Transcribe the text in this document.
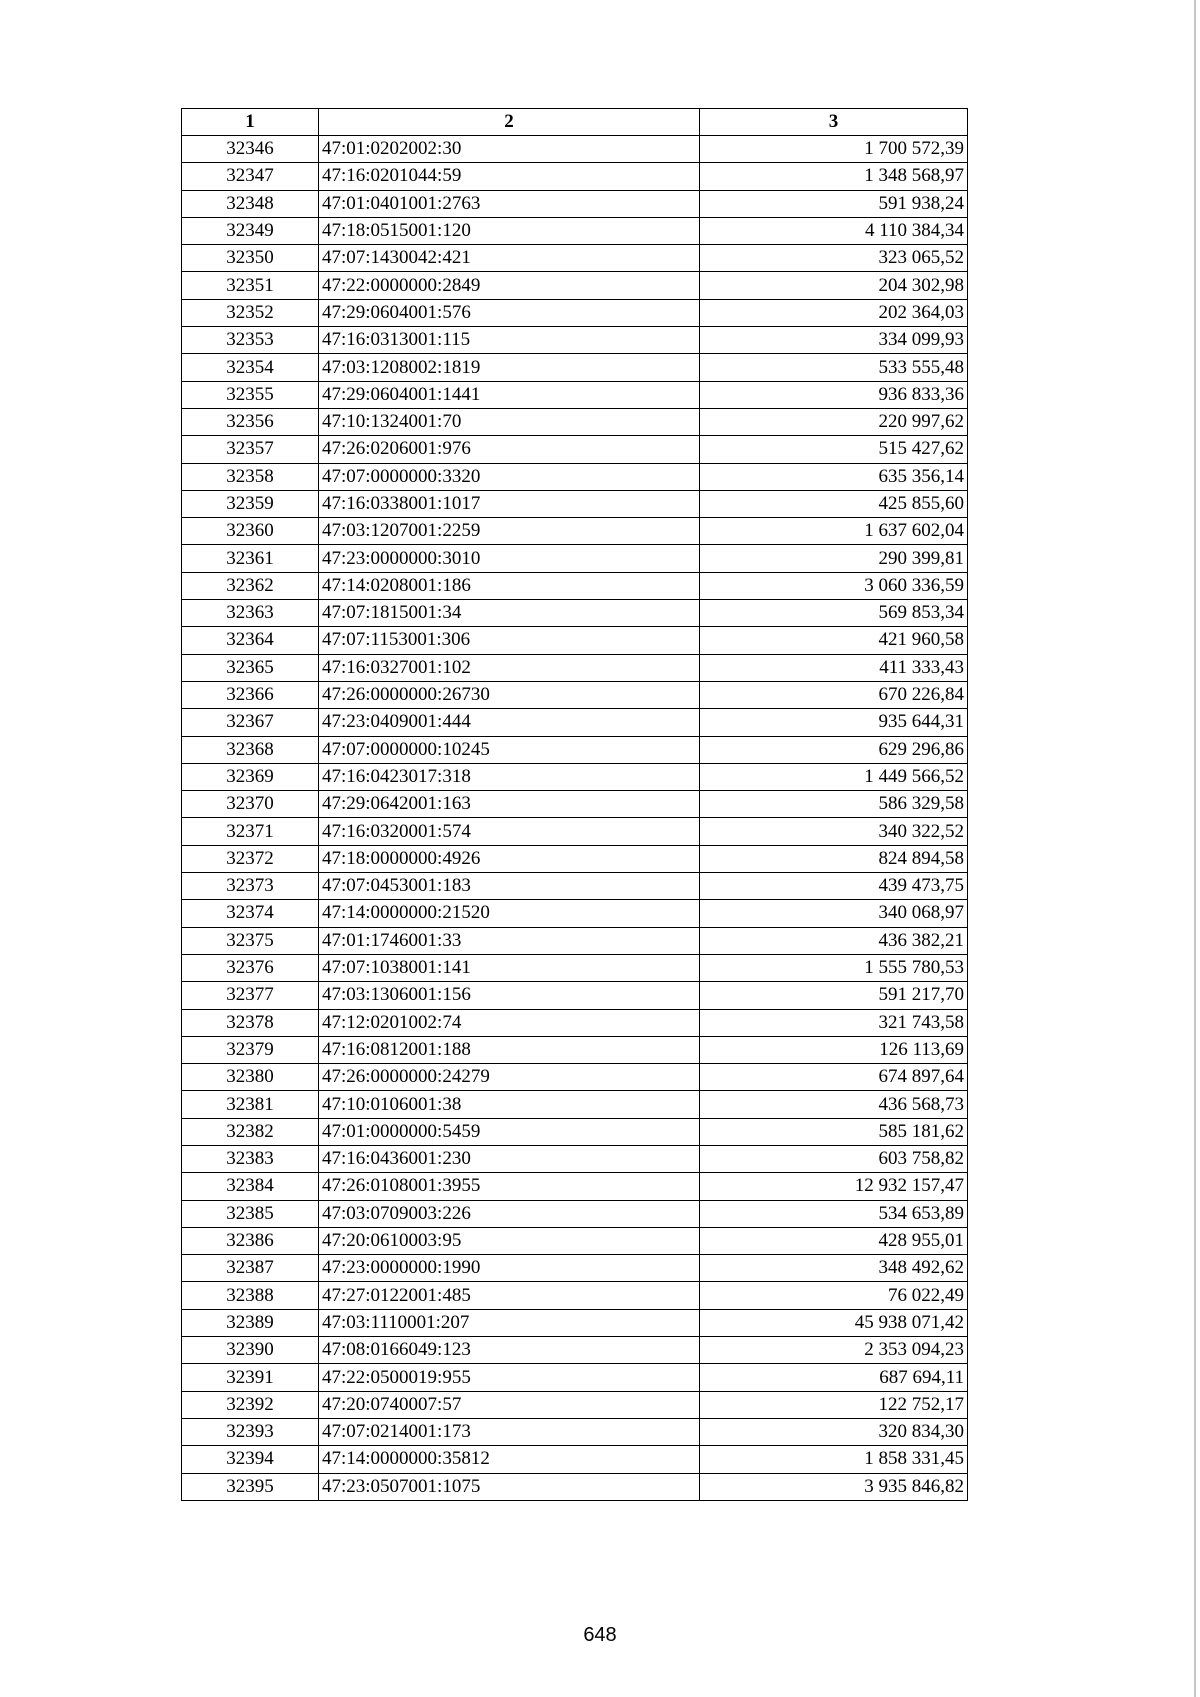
1	2	3
32346	47:01:0202002:30	1 700 572,39
32347	47:16:0201044:59	1 348 568,97
32348	47:01:0401001:2763	591 938,24
32349	47:18:0515001:120	4 110 384,34
32350	47:07:1430042:421	323 065,52
32351	47:22:0000000:2849	204 302,98
32352	47:29:0604001:576	202 364,03
32353	47:16:0313001:115	334 099,93
32354	47:03:1208002:1819	533 555,48
32355	47:29:0604001:1441	936 833,36
32356	47:10:1324001:70	220 997,62
32357	47:26:0206001:976	515 427,62
32358	47:07:0000000:3320	635 356,14
32359	47:16:0338001:1017	425 855,60
32360	47:03:1207001:2259	1 637 602,04
32361	47:23:0000000:3010	290 399,81
32362	47:14:0208001:186	3 060 336,59
32363	47:07:1815001:34	569 853,34
32364	47:07:1153001:306	421 960,58
32365	47:16:0327001:102	411 333,43
32366	47:26:0000000:26730	670 226,84
32367	47:23:0409001:444	935 644,31
32368	47:07:0000000:10245	629 296,86
32369	47:16:0423017:318	1 449 566,52
32370	47:29:0642001:163	586 329,58
32371	47:16:0320001:574	340 322,52
32372	47:18:0000000:4926	824 894,58
32373	47:07:0453001:183	439 473,75
32374	47:14:0000000:21520	340 068,97
32375	47:01:1746001:33	436 382,21
32376	47:07:1038001:141	1 555 780,53
32377	47:03:1306001:156	591 217,70
32378	47:12:0201002:74	321 743,58
32379	47:16:0812001:188	126 113,69
32380	47:26:0000000:24279	674 897,64
32381	47:10:0106001:38	436 568,73
32382	47:01:0000000:5459	585 181,62
32383	47:16:0436001:230	603 758,82
32384	47:26:0108001:3955	12 932 157,47
32385	47:03:0709003:226	534 653,89
32386	47:20:0610003:95	428 955,01
32387	47:23:0000000:1990	348 492,62
32388	47:27:0122001:485	76 022,49
32389	47:03:1110001:207	45 938 071,42
32390	47:08:0166049:123	2 353 094,23
32391	47:22:0500019:955	687 694,11
32392	47:20:0740007:57	122 752,17
32393	47:07:0214001:173	320 834,30
32394	47:14:0000000:35812	1 858 331,45
32395	47:23:0507001:1075	3 935 846,82
648
